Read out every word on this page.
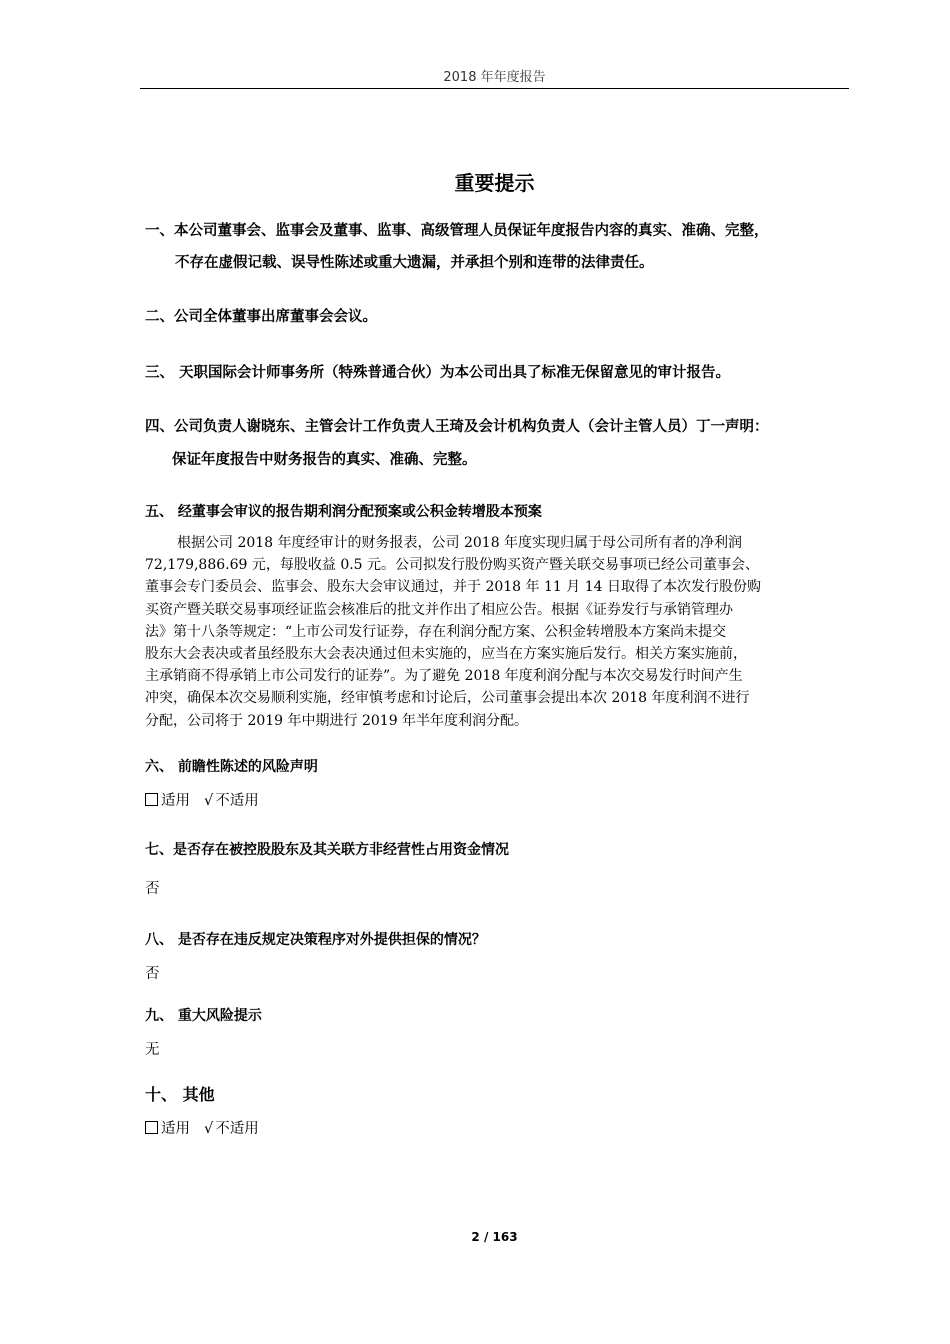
2018 年年度报告
重要提示
一、本公司董事会、监事会及董事、监事、高级管理人员保证年度报告内容的真实、准确、完整，
不存在虚假记载、误导性陈述或重大遗漏，并承担个别和连带的法律责任。
二、公司全体董事出席董事会会议。
三、 天职国际会计师事务所（特殊普通合伙）为本公司出具了标准无保留意见的审计报告。
四、公司负责人谢晓东、主管会计工作负责人王琦及会计机构负责人（会计主管人员）丁一声明：
保证年度报告中财务报告的真实、准确、完整。
五、 经董事会审议的报告期利润分配预案或公积金转增股本预案
根据公司 2018 年度经审计的财务报表，公司 2018 年度实现归属于母公司所有者的净利润
72,179,886.69 元，每股收益 0.5 元。公司拟发行股份购买资产暨关联交易事项已经公司董事会、
董事会专门委员会、监事会、股东大会审议通过，并于 2018 年 11 月 14 日取得了本次发行股份购
买资产暨关联交易事项经证监会核准后的批文并作出了相应公告。根据《证券发行与承销管理办
法》第十八条等规定：“上市公司发行证券，存在利润分配方案、公积金转增股本方案尚未提交
股东大会表决或者虽经股东大会表决通过但未实施的，应当在方案实施后发行。相关方案实施前，
主承销商不得承销上市公司发行的证券”。为了避免 2018 年度利润分配与本次交易发行时间产生
冲突，确保本次交易顺利实施，经审慎考虑和讨论后，公司董事会提出本次 2018 年度利润不进行
分配，公司将于 2019 年中期进行 2019 年半年度利润分配。
六、 前瞻性陈述的风险声明
适用 √ 不适用
七、是否存在被控股股东及其关联方非经营性占用资金情况
否
八、 是否存在违反规定决策程序对外提供担保的情况？
否
九、 重大风险提示
无
十、 其他
适用 √ 不适用
2 / 163
